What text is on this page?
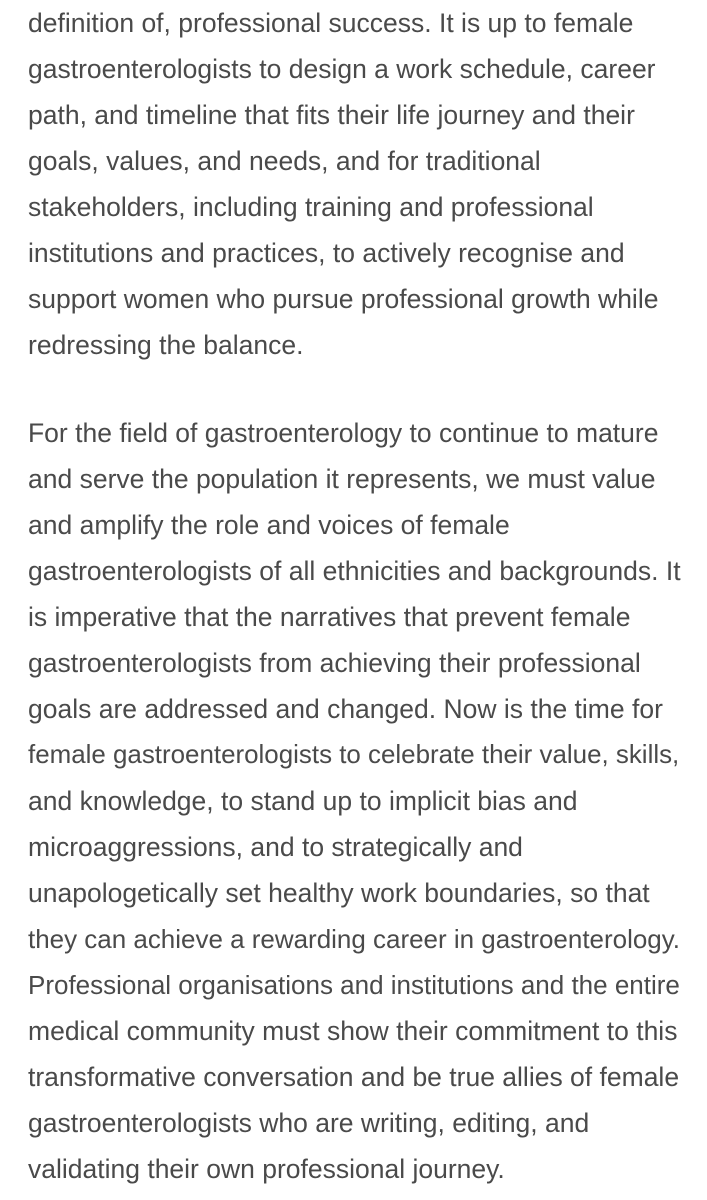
definition of, professional success. It is up to female
gastroenterologists to design a work schedule, career
path, and timeline that fits their life journey and their
goals, values, and needs, and for traditional
stakeholders, including training and professional
institutions and practices, to actively recognise and
support women who pursue professional growth while
redressing the balance.

For the field of gastroenterology to continue to mature
and serve the population it represents, we must value
and amplify the role and voices of female
gastroenterologists of all ethnicities and backgrounds. It
is imperative that the narratives that prevent female
gastroenterologists from achieving their professional
goals are addressed and changed. Now is the time for
female gastroenterologists to celebrate their value, skills,
and knowledge, to stand up to implicit bias and
microaggressions, and to strategically and
unapologetically set healthy work boundaries, so that
they can achieve a rewarding career in gastroenterology.
Professional organisations and institutions and the entire
medical community must show their commitment to this
transformative conversation and be true allies of female
gastroenterologists who are writing, editing, and
validating their own professional journey.
